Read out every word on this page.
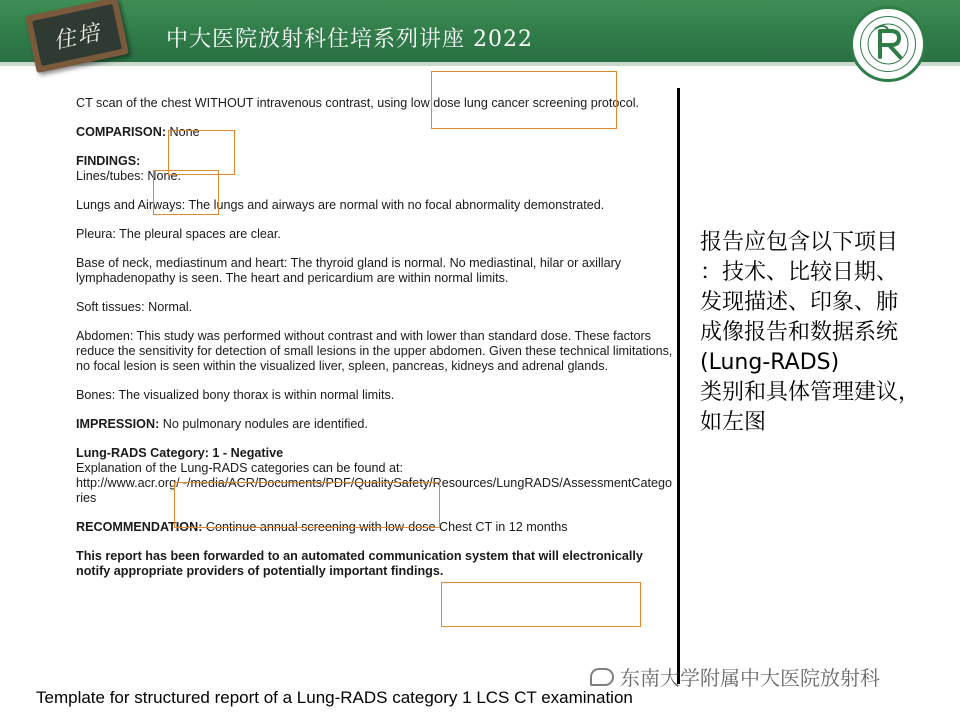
住培	中大医院放射科住培系列讲座 2022
CT scan of the chest WITHOUT intravenous contrast, using low dose lung cancer screening protocol.
COMPARISON: None
FINDINGS:
Lines/tubes: None.
Lungs and Airways: The lungs and airways are normal with no focal abnormality demonstrated.
Pleura: The pleural spaces are clear.
Base of neck, mediastinum and heart: The thyroid gland is normal. No mediastinal, hilar or axillary lymphadenopathy is seen. The heart and pericardium are within normal limits.
Soft tissues: Normal.
Abdomen: This study was performed without contrast and with lower than standard dose. These factors reduce the sensitivity for detection of small lesions in the upper abdomen. Given these technical limitations, no focal lesion is seen within the visualized liver, spleen, pancreas, kidneys and adrenal glands.
Bones: The visualized bony thorax is within normal limits.
IMPRESSION: No pulmonary nodules are identified.
Lung-RADS Category: 1 - Negative
Explanation of the Lung-RADS categories can be found at:
http://www.acr.org/~/media/ACR/Documents/PDF/QualitySafety/Resources/LungRADS/AssessmentCategories
RECOMMENDATION: Continue annual screening with low-dose Chest CT in 12 months
This report has been forwarded to an automated communication system that will electronically notify appropriate providers of potentially important findings.
报告应包含以下项目
：技术、比较日期、
发现描述、印象、肺
成像报告和数据系统
(Lung-RADS)
类别和具体管理建议，
如左图
东南大学附属中大医院放射科
Template for structured report of a Lung-RADS category 1 LCS CT examination
